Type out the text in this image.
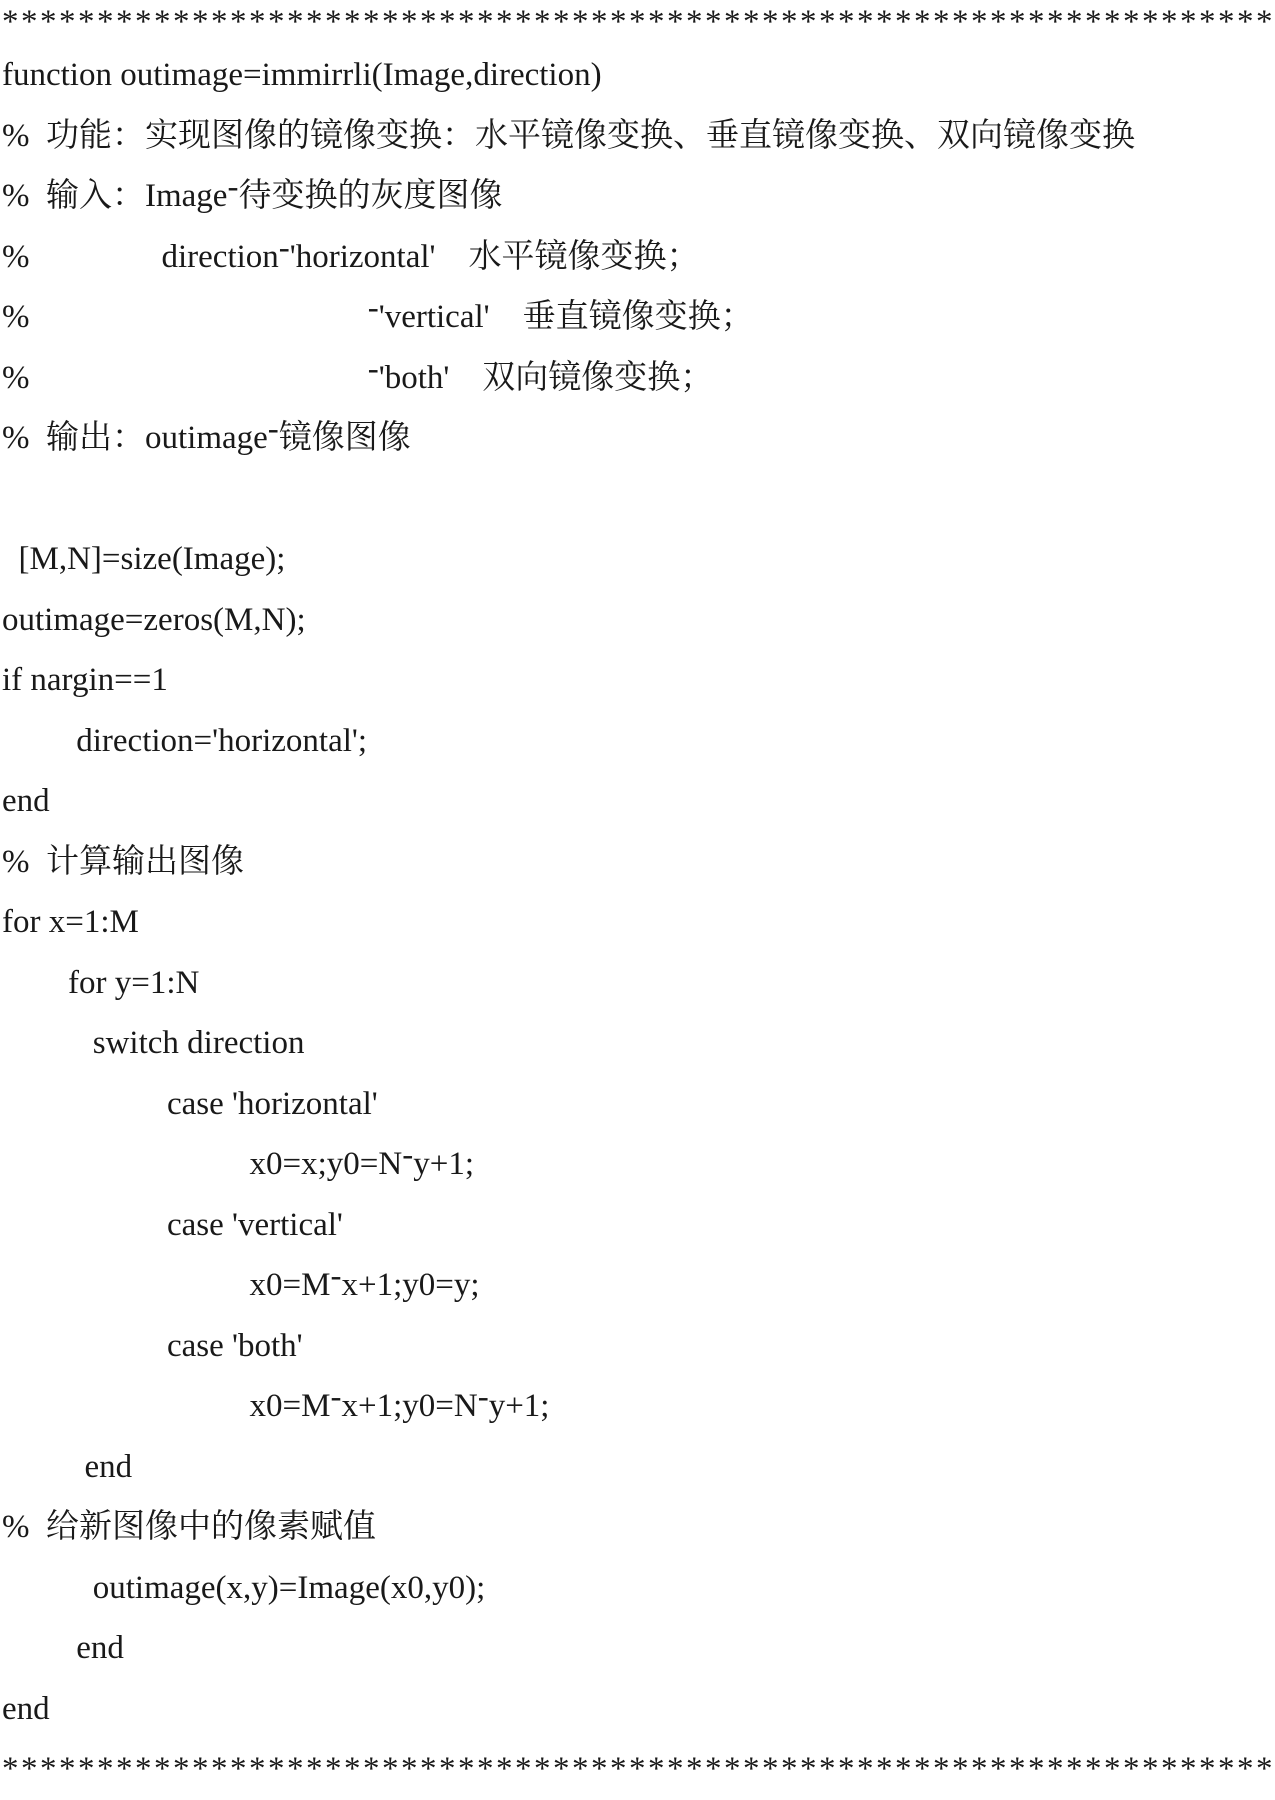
*******************************************************************
function outimage=immirrli(Image,direction)
%  功能：实现图像的镜像变换：水平镜像变换、垂直镜像变换、双向镜像变换
%  输入：Image-待变换的灰度图像
%                direction-'horizontal'    水平镜像变换；
%                                         -'vertical'    垂直镜像变换；
%                                         -'both'    双向镜像变换；
%  输出：outimage-镜像图像
[M,N]=size(Image);
outimage=zeros(M,N);
if nargin==1
direction='horizontal';
end
%  计算输出图像
for x=1:M
for y=1:N
switch direction
case 'horizontal'
x0=x;y0=N-y+1;
case 'vertical'
x0=M-x+1;y0=y;
case 'both'
x0=M-x+1;y0=N-y+1;
end
%  给新图像中的像素赋值
outimage(x,y)=Image(x0,y0);
end
end
*******************************************************************
